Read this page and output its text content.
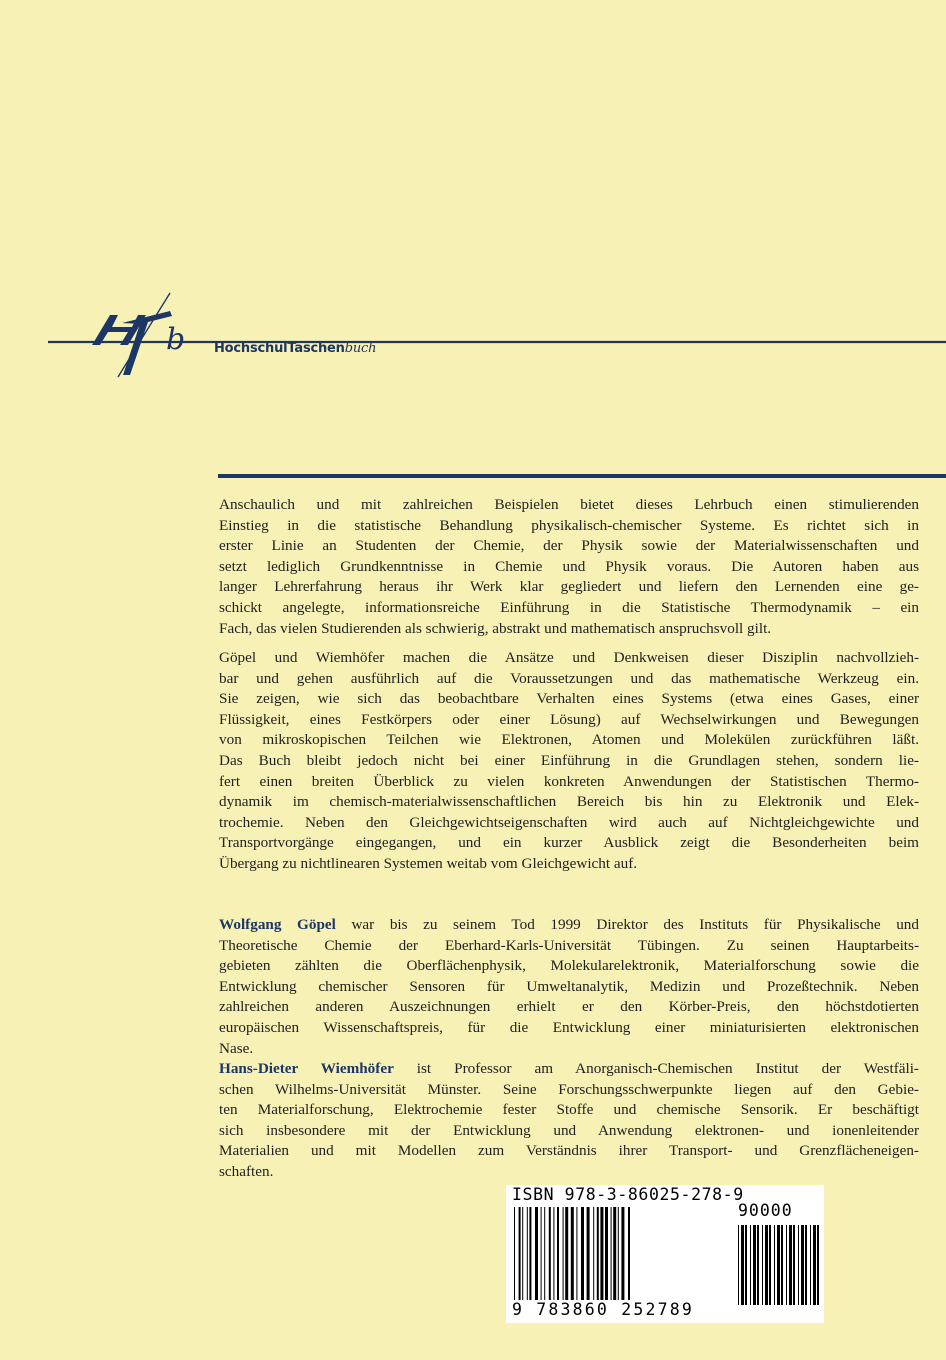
b HochschulTaschenbuch
Anschaulich und mit zahlreichen Beispielen bietet dieses Lehrbuch einen stimulierenden
Einstieg in die statistische Behandlung physikalisch-chemischer Systeme. Es richtet sich in
erster Linie an Studenten der Chemie, der Physik sowie der Materialwissenschaften und
setzt lediglich Grundkenntnisse in Chemie und Physik voraus. Die Autoren haben aus
langer Lehrerfahrung heraus ihr Werk klar gegliedert und liefern den Lernenden eine ge-
schickt angelegte, informationsreiche Einführung in die Statistische Thermodynamik – ein
Fach, das vielen Studierenden als schwierig, abstrakt und mathematisch anspruchsvoll gilt.
Göpel und Wiemhöfer machen die Ansätze und Denkweisen dieser Disziplin nachvollzieh-
bar und gehen ausführlich auf die Voraussetzungen und das mathematische Werkzeug ein.
Sie zeigen, wie sich das beobachtbare Verhalten eines Systems (etwa eines Gases, einer
Flüssigkeit, eines Festkörpers oder einer Lösung) auf Wechselwirkungen und Bewegungen
von mikroskopischen Teilchen wie Elektronen, Atomen und Molekülen zurückführen läßt.
Das Buch bleibt jedoch nicht bei einer Einführung in die Grundlagen stehen, sondern lie-
fert einen breiten Überblick zu vielen konkreten Anwendungen der Statistischen Thermo-
dynamik im chemisch-materialwissenschaftlichen Bereich bis hin zu Elektronik und Elek-
trochemie. Neben den Gleichgewichtseigenschaften wird auch auf Nichtgleichgewichte und
Transportvorgänge eingegangen, und ein kurzer Ausblick zeigt die Besonderheiten beim
Übergang zu nichtlinearen Systemen weitab vom Gleichgewicht auf.
Wolfgang Göpel war bis zu seinem Tod 1999 Direktor des Instituts für Physikalische und
Theoretische Chemie der Eberhard-Karls-Universität Tübingen. Zu seinen Hauptarbeits-
gebieten zählten die Oberflächenphysik, Molekularelektronik, Materialforschung sowie die
Entwicklung chemischer Sensoren für Umweltanalytik, Medizin und Prozeßtechnik. Neben
zahlreichen anderen Auszeichnungen erhielt er den Körber-Preis, den höchstdotierten
europäischen Wissenschaftspreis, für die Entwicklung einer miniaturisierten elektronischen
Nase.
Hans-Dieter Wiemhöfer ist Professor am Anorganisch-Chemischen Institut der Westfäli-
schen Wilhelms-Universität Münster. Seine Forschungsschwerpunkte liegen auf den Gebie-
ten Materialforschung, Elektrochemie fester Stoffe und chemische Sensorik. Er beschäftigt
sich insbesondere mit der Entwicklung und Anwendung elektronen- und ionenleitender
Materialien und mit Modellen zum Verständnis ihrer Transport- und Grenzflächeneigen-
schaften.
ISBN 978-3-86025-278-9
90000
9 783860 252789
